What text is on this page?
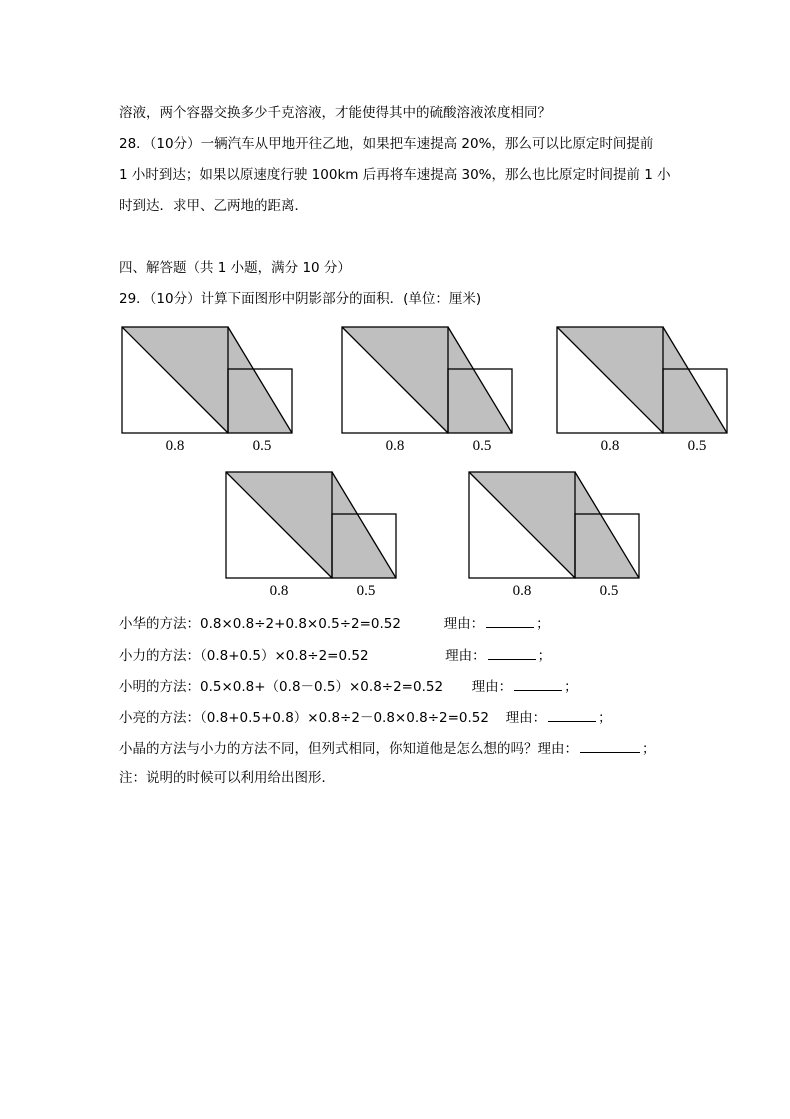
溶液，两个容器交换多少千克溶液，才能使得其中的硫酸溶液浓度相同？
28．（10分）一辆汽车从甲地开往乙地，如果把车速提高 20%，那么可以比原定时间提前
1 小时到达；如果以原速度行驶 100km 后再将车速提高 30%，那么也比原定时间提前 1 小
时到达．求甲、乙两地的距离．
四、解答题（共 1 小题，满分 10 分）
29．（10分）计算下面图形中阴影部分的面积．(单位：厘米)
0.8	0.5	0.8	0.5	0.8	0.5
0.8	0.5	0.8	0.5
小华的方法：0.8×0.8÷2+0.8×0.5÷2=0.52	理由：	；
小力的方法：（0.8+0.5）×0.8÷2=0.52	理由：	；
小明的方法：0.5×0.8+（0.8－0.5）×0.8÷2=0.52 理由：	；
小亮的方法：（0.8+0.5+0.8）×0.8÷2－0.8×0.8÷2=0.52 理由：	；
小晶的方法与小力的方法不同，但列式相同，你知道他是怎么想的吗？理由：	；
注：说明的时候可以利用给出图形．
